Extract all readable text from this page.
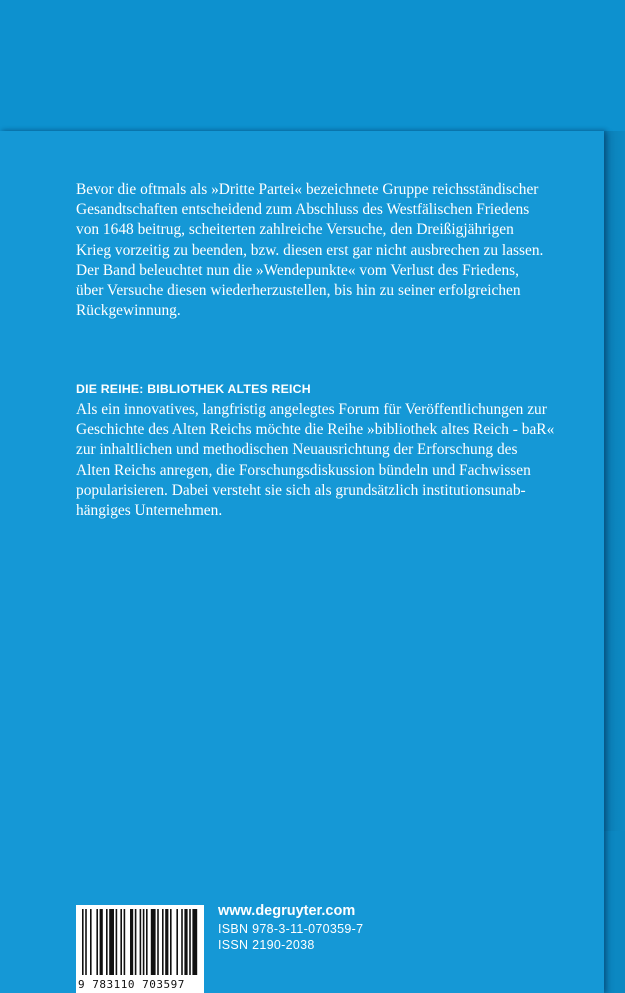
Bevor die oftmals als »Dritte Partei« bezeichnete Gruppe reichsständischer

Gesandtschaften entscheidend zum Abschluss des Westfälischen Friedens

von 1648 beitrug, scheiterten zahlreiche Versuche, den Dreißigjährigen

Krieg vorzeitig zu beenden, bzw. diesen erst gar nicht ausbrechen zu lassen.

Der Band beleuchtet nun die »Wendepunkte« vom Verlust des Friedens,

über Versuche diesen wiederherzustellen, bis hin zu seiner erfolgreichen

Rückgewinnung.

DIE REIHE: BIBLIOTHEK ALTES REICH

Als ein innovatives, langfristig angelegtes Forum für Veröffentlichungen zur

Geschichte des Alten Reichs möchte die Reihe »bibliothek altes Reich - baR«

zur inhaltlichen und methodischen Neuausrichtung der Erforschung des

Alten Reichs anregen, die Forschungsdiskussion bündeln und Fachwissen

popularisieren. Dabei versteht sie sich als grundsätzlich institutionsunab-

hängiges Unternehmen.

9 783110 703597
www.degruyter.com
ISBN 978-3-11-070359-7
ISSN 2190-2038
